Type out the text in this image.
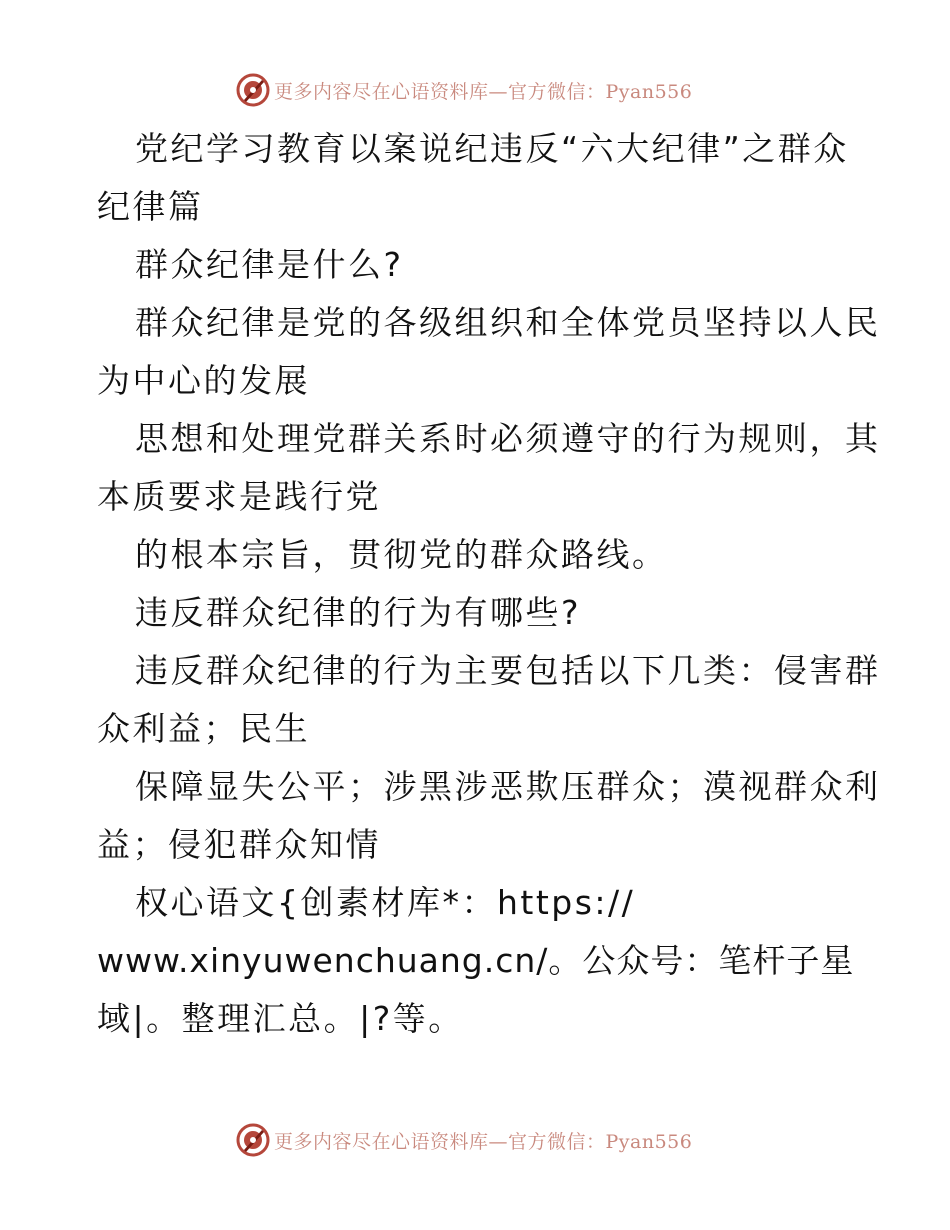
更多内容尽在心语资料库—官方微信：Pyan556
党纪学习教育以案说纪违反“六大纪律”之群众
纪律篇
群众纪律是什么?
群众纪律是党的各级组织和全体党员坚持以人民
为中心的发展
思想和处理党群关系时必须遵守的行为规则，其
本质要求是践行党
的根本宗旨，贯彻党的群众路线。
违反群众纪律的行为有哪些?
违反群众纪律的行为主要包括以下几类：侵害群
众利益；民生
保障显失公平；涉黑涉恶欺压群众；漠视群众利
益；侵犯群众知情
权心语文{创素材库*：https://
www.xinyuwenchuang.cn/。公众号：笔杆子星
域|。整理汇总。|?等。
更多内容尽在心语资料库—官方微信：Pyan556
